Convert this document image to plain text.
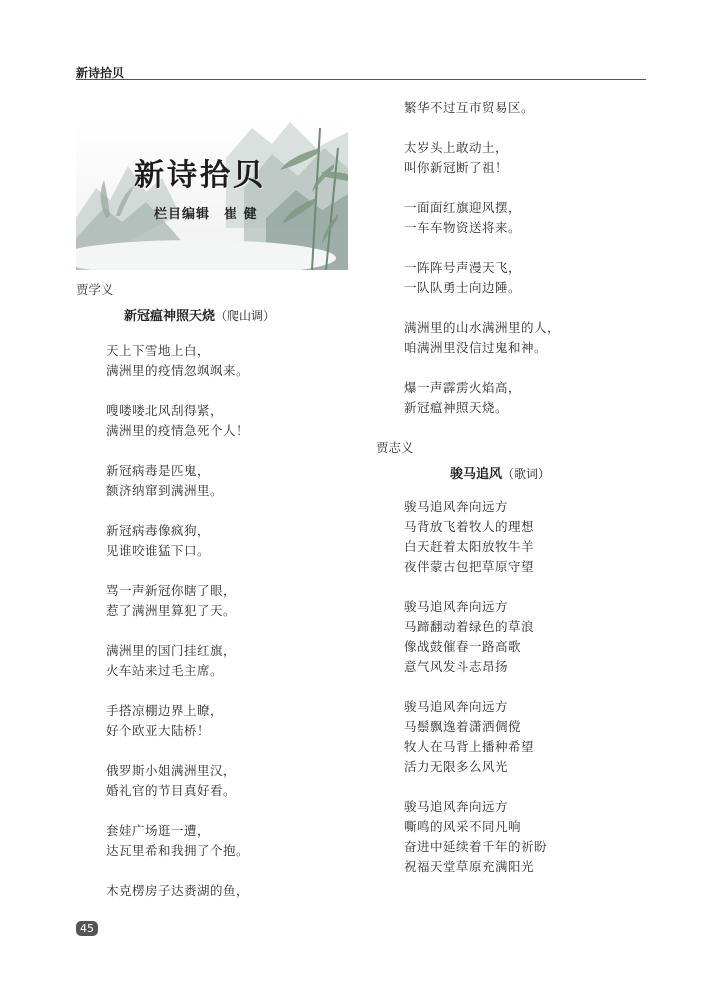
新诗拾贝
新诗拾贝
栏目编辑 崔 健
贾学义
新冠瘟神照天烧（爬山调）
天上下雪地上白，
满洲里的疫情忽飒飒来。
嗖喽喽北风刮得紧，
满洲里的疫情急死个人！
新冠病毒是匹鬼，
额济纳窜到满洲里。
新冠病毒像疯狗，
见谁咬谁猛下口。
骂一声新冠你瞎了眼，
惹了满洲里算犯了天。
满洲里的国门挂红旗，
火车站来过毛主席。
手搭凉棚边界上瞭，
好个欧亚大陆桥！
俄罗斯小姐满洲里汉，
婚礼官的节目真好看。
套娃广场逛一遭，
达瓦里希和我拥了个抱。
木克楞房子达赉湖的鱼，
繁华不过互市贸易区。
太岁头上敢动土，
叫你新冠断了祖！
一面面红旗迎风摆，
一车车物资送将来。
一阵阵号声漫天飞，
一队队勇士向边陲。
满洲里的山水满洲里的人，
咱满洲里没信过鬼和神。
爆一声霹雳火焰高，
新冠瘟神照天烧。
贾志义
骏马追风（歌词）
骏马追风奔向远方
马背放飞着牧人的理想
白天赶着太阳放牧牛羊
夜伴蒙古包把草原守望
骏马追风奔向远方
马蹄翻动着绿色的草浪
像战鼓催春一路高歌
意气风发斗志昂扬
骏马追风奔向远方
马鬃飘逸着潇洒倜傥
牧人在马背上播种希望
活力无限多么风光
骏马追风奔向远方
嘶鸣的风采不同凡响
奋进中延续着千年的祈盼
祝福天堂草原充满阳光
45
